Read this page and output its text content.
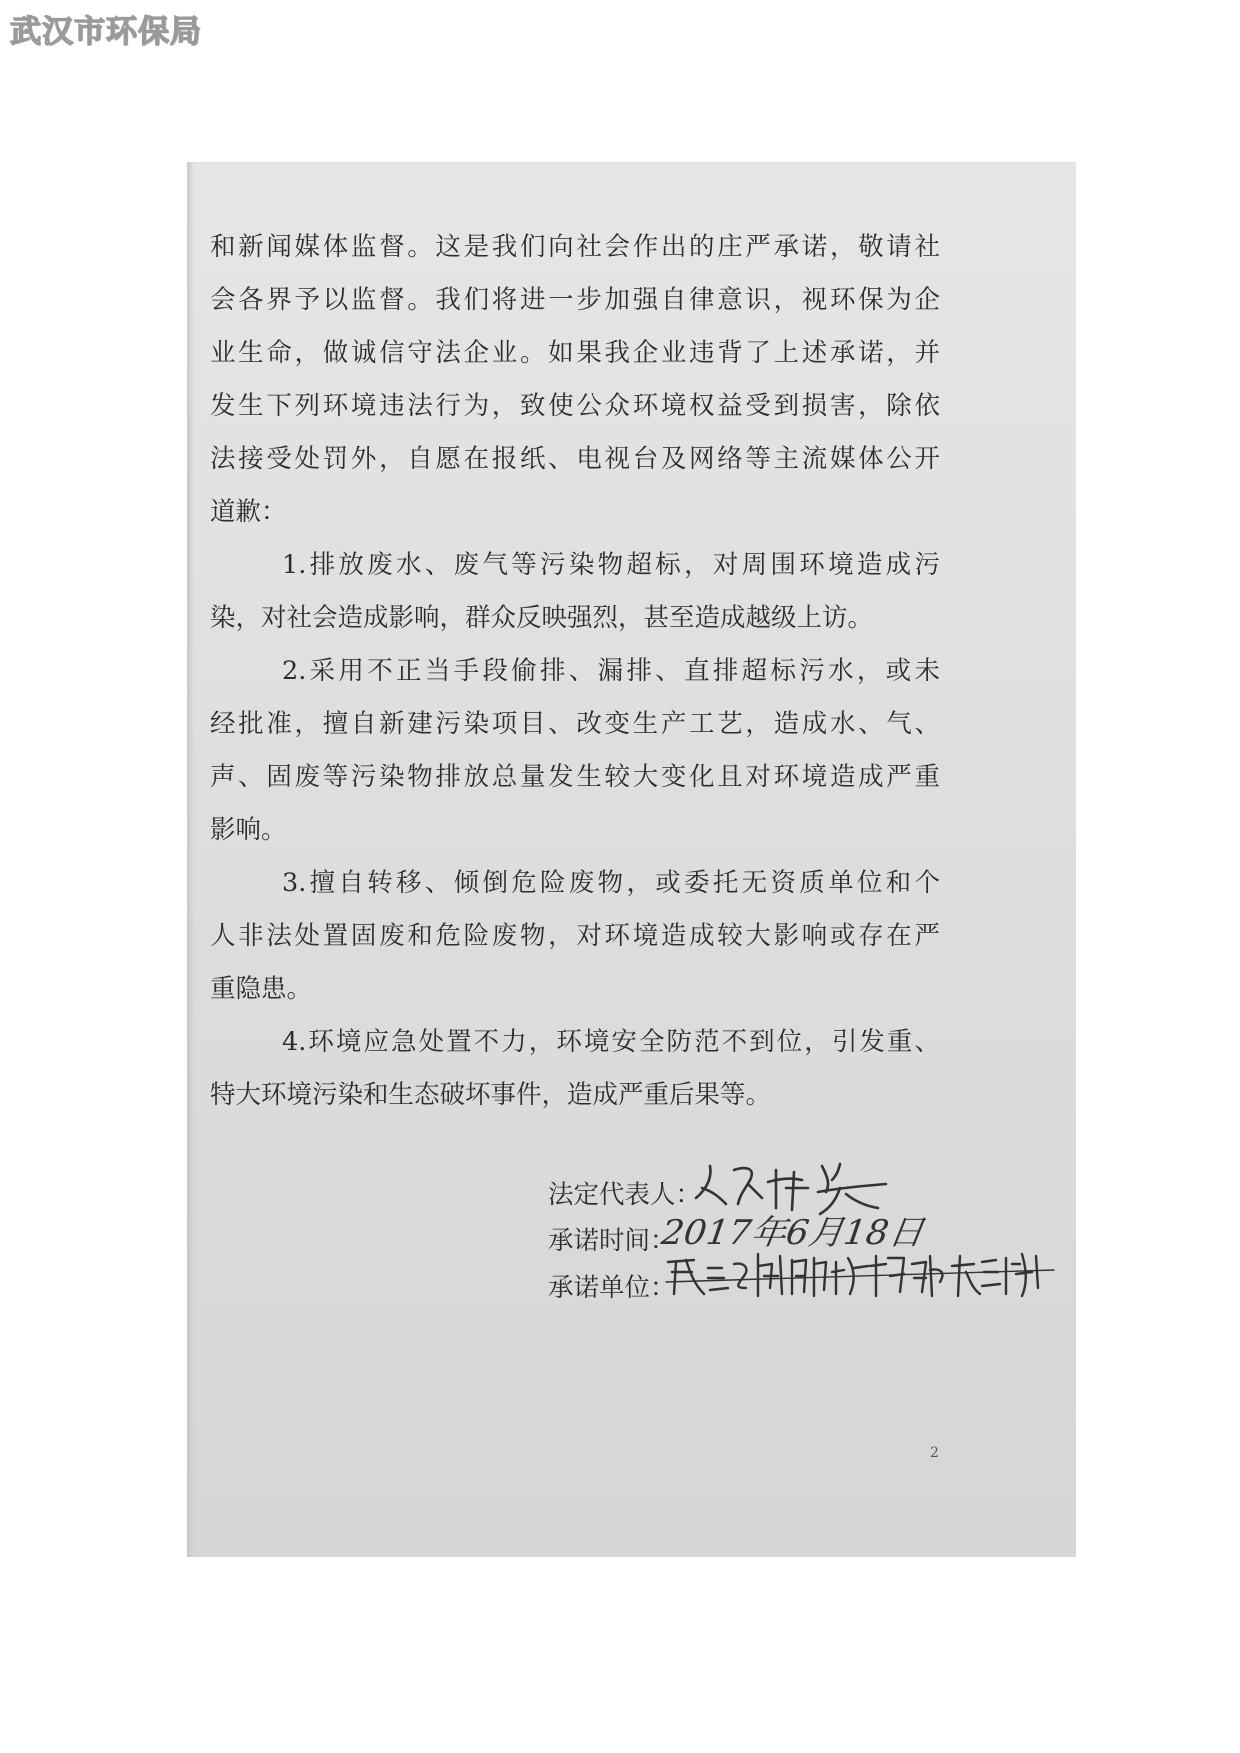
武汉市环保局

和新闻媒体监督。这是我们向社会作出的庄严承诺，敬请社

会各界予以监督。我们将进一步加强自律意识，视环保为企

业生命，做诚信守法企业。如果我企业违背了上述承诺，并

发生下列环境违法行为，致使公众环境权益受到损害，除依

法接受处罚外，自愿在报纸、电视台及网络等主流媒体公开

道歉：

1.排放废水、废气等污染物超标，对周围环境造成污

染，对社会造成影响，群众反映强烈，甚至造成越级上访。

2.采用不正当手段偷排、漏排、直排超标污水，或未

经批准，擅自新建污染项目、改变生产工艺，造成水、气、

声、固废等污染物排放总量发生较大变化且对环境造成严重

影响。

3.擅自转移、倾倒危险废物，或委托无资质单位和个

人非法处置固废和危险废物，对环境造成较大影响或存在严

重隐患。

4.环境应急处置不力，环境安全防范不到位，引发重、

特大环境污染和生态破坏事件，造成严重后果等。

法定代表人：
承诺时间：
2017年6月18日
承诺单位：
2
